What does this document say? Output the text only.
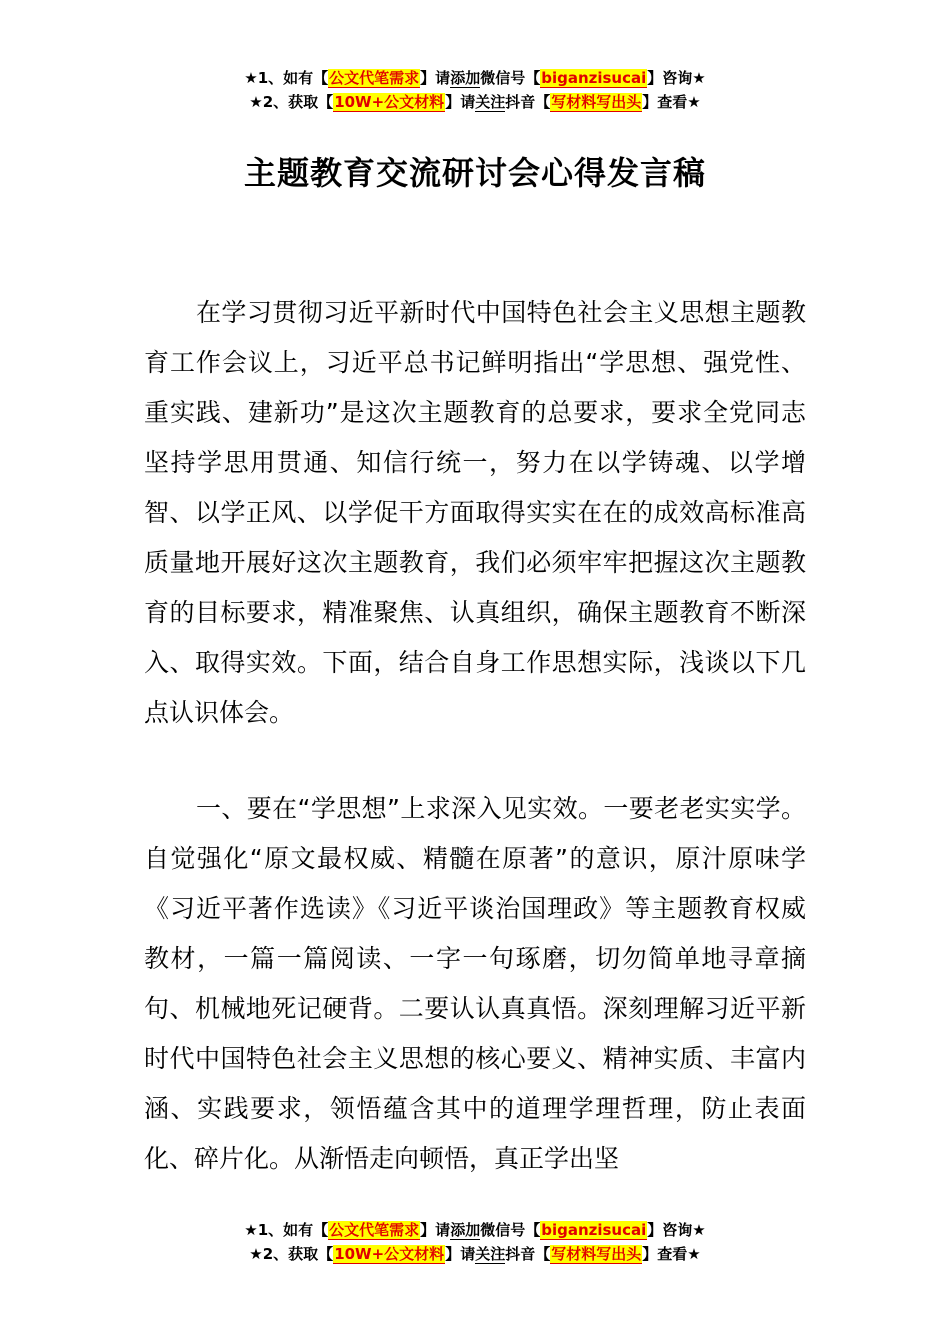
★1、如有【公文代笔需求】请添加微信号【biganzisucai】咨询★
★2、获取【10W+公文材料】请关注抖音【写材料写出头】查看★
主题教育交流研讨会心得发言稿

在学习贯彻习近平新时代中国特色社会主义思想主题教育工作会议上，习近平总书记鲜明指出“学思想、强党性、重实践、建新功”是这次主题教育的总要求，要求全党同志坚持学思用贯通、知信行统一，努力在以学铸魂、以学增智、以学正风、以学促干方面取得实实在在的成效高标准高质量地开展好这次主题教育，我们必须牢牢把握这次主题教育的目标要求，精准聚焦、认真组织，确保主题教育不断深入、取得实效。下面，结合自身工作思想实际，浅谈以下几点认识体会。

一、要在“学思想”上求深入见实效。一要老老实实学。自觉强化“原文最权威、精髓在原著”的意识，原汁原味学《习近平著作选读》《习近平谈治国理政》等主题教育权威教材，一篇一篇阅读、一字一句琢磨，切勿简单地寻章摘句、机械地死记硬背。二要认认真真悟。深刻理解习近平新时代中国特色社会主义思想的核心要义、精神实质、丰富内涵、实践要求，领悟蕴含其中的道理学理哲理，防止表面化、碎片化。从渐悟走向顿悟，真正学出坚

★1、如有【公文代笔需求】请添加微信号【biganzisucai】咨询★
★2、获取【10W+公文材料】请关注抖音【写材料写出头】查看★
